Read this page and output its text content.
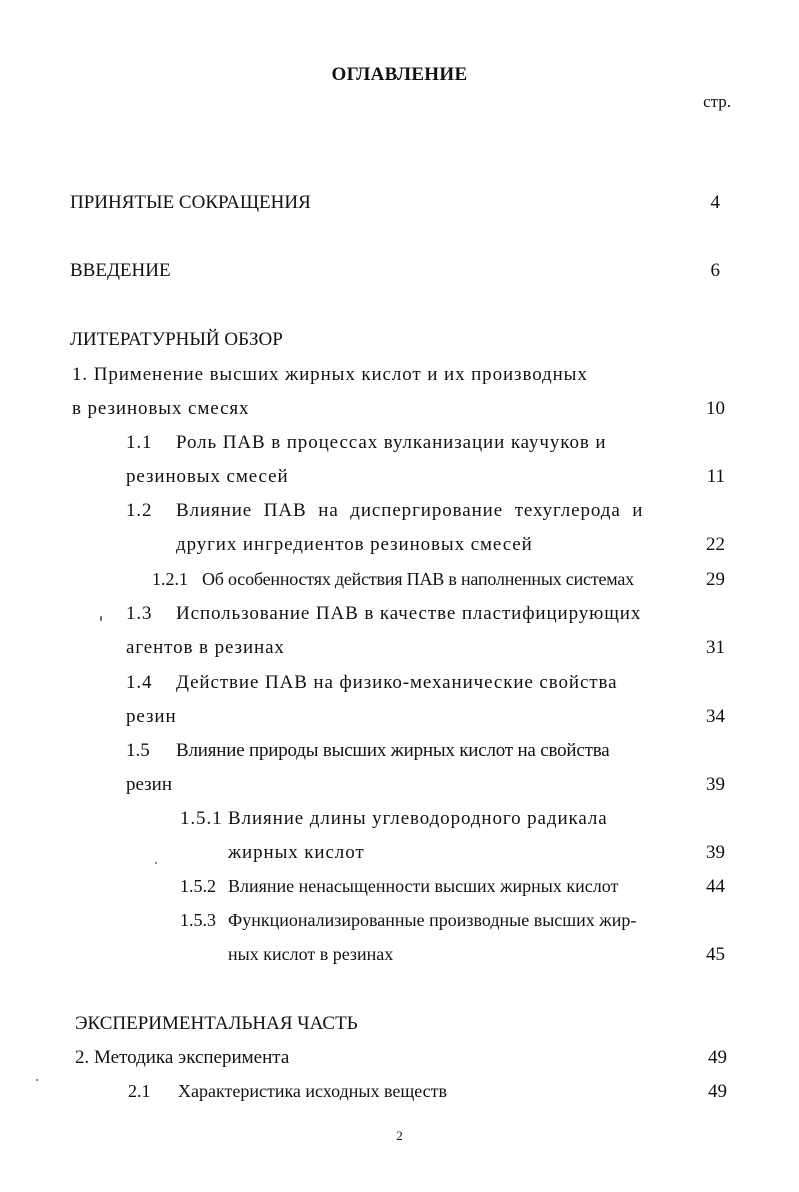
ОГЛАВЛЕНИЕ
стр.
ПРИНЯТЫЕ СОКРАЩЕНИЯ	4
ВВЕДЕНИЕ	6
ЛИТЕРАТУРНЫЙ ОБЗОР
1. Применение высших жирных кислот и их производных
в резиновых смесях	10
1.1 Роль ПАВ в процессах вулканизации каучуков и
резиновых смесей	11
1.2 Влияние ПАВ на диспергирование техуглерода и
других ингредиентов резиновых смесей	22
1.2.1 Об особенностях действия ПАВ в наполненных системах	29
1.3 Использование ПАВ в качестве пластифицирующих
агентов в резинах	31
1.4 Действие ПАВ на физико-механические свойства
резин	34
1.5 Влияние природы высших жирных кислот на свойства
резин	39
1.5.1 Влияние длины углеводородного радикала
жирных кислот	39
1.5.2 Влияние ненасыщенности высших жирных кислот	44
1.5.3 Функционализированные производные высших жир-
ных кислот в резинах	45
ЭКСПЕРИМЕНТАЛЬНАЯ ЧАСТЬ
2. Методика эксперимента	49
2.1 Характеристика исходных веществ	49
2
